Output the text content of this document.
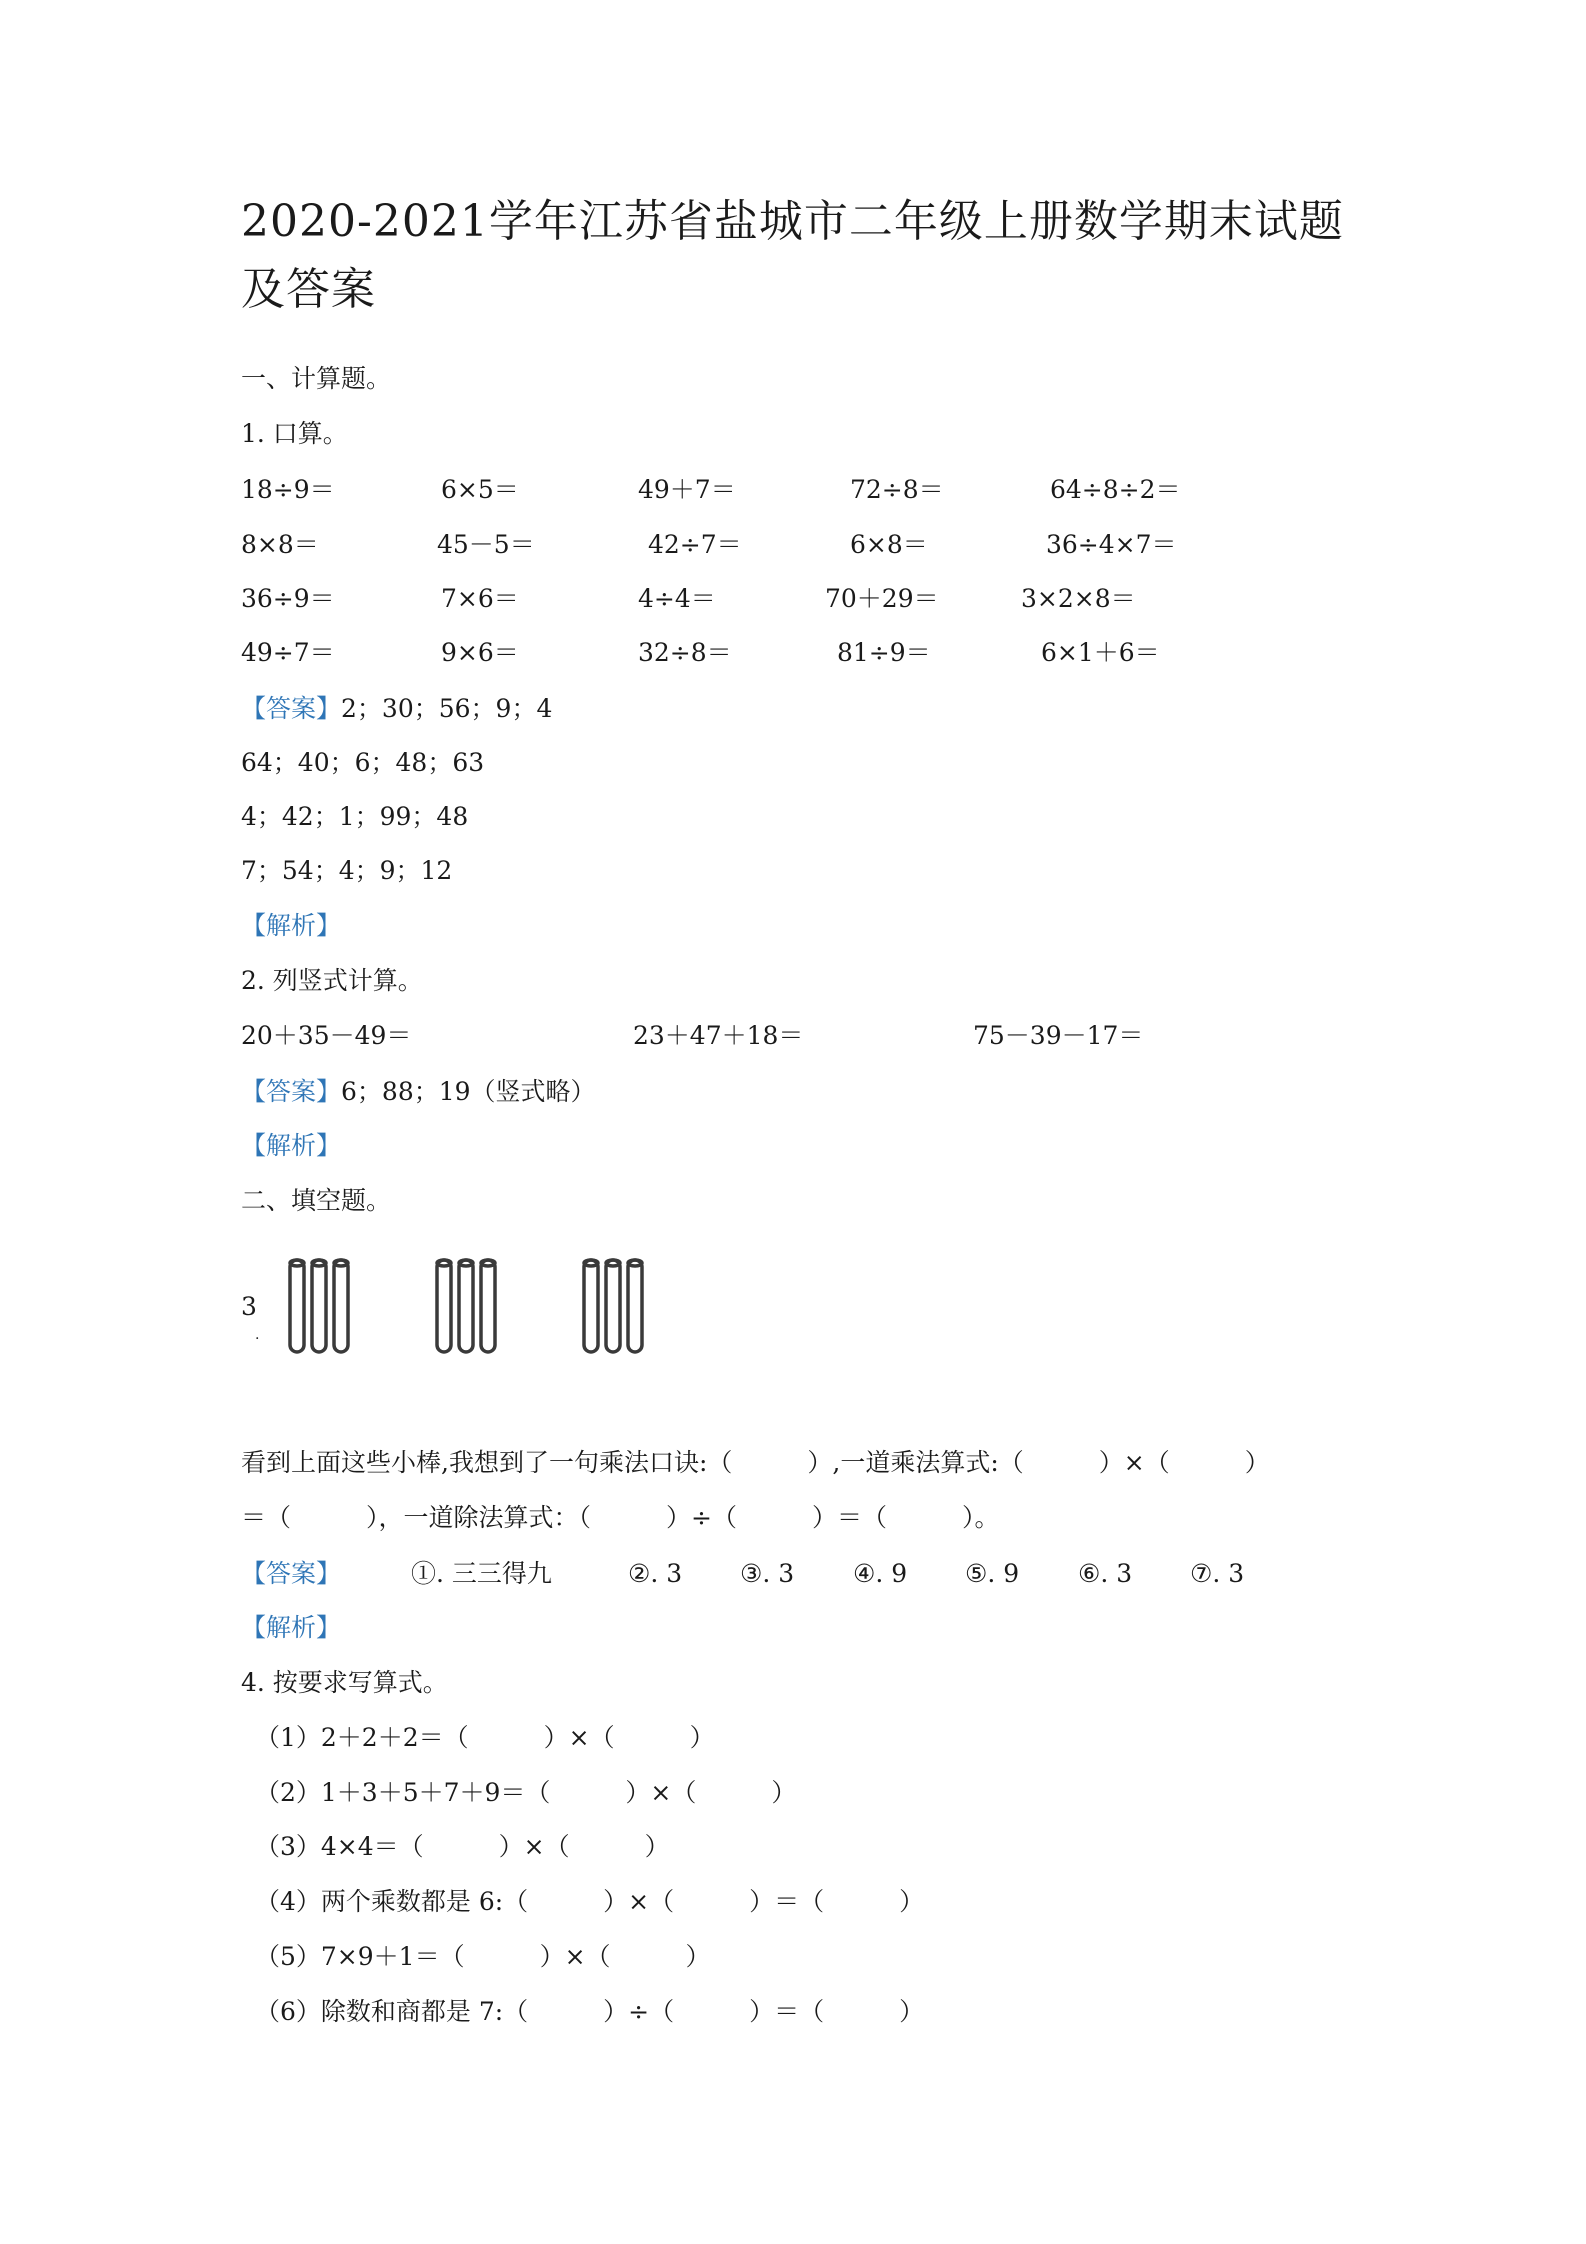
2020-2021学年江苏省盐城市二年级上册数学期末试题及答案
一、计算题。
1. 口算。
18÷9＝	6×5＝	49＋7＝	72÷8＝	64÷8÷2＝
8×8＝	45－5＝	42÷7＝	6×8＝	36÷4×7＝
36÷9＝	7×6＝	4÷4＝	70＋29＝	3×2×8＝
49÷7＝	9×6＝	32÷8＝	81÷9＝	6×1＋6＝
【答案】2；30；56；9；4
64；40；6；48；63
4；42；1；99；48
7；54；4；9；12
【解析】
2. 列竖式计算。
20＋35－49＝	23＋47＋18＝	75－39－17＝
【答案】6；88；19（竖式略）
【解析】
二、填空题。
3
.
看到上面这些小棒,我想到了一句乘法口诀:（　　　）,一道乘法算式:（　　　）×（　　　）
＝（　　　），一道除法算式：（　　　）÷（　　　）＝（　　　）。
【答案】	①. 三三得九	②. 3 ③. 3 ④. 9 ⑤. 9 ⑥. 3 ⑦. 3
【解析】
4. 按要求写算式。
（1）2＋2＋2＝（　　　）×（　　　）
（2）1＋3＋5＋7＋9＝（　　　）×（　　　）
（3）4×4＝（　　　）×（　　　）
（4）两个乘数都是 6:（　　　）×（　　　）＝（　　　）
（5）7×9＋1＝（　　　）×（　　　）
（6）除数和商都是 7:（　　　）÷（　　　）＝（　　　）
